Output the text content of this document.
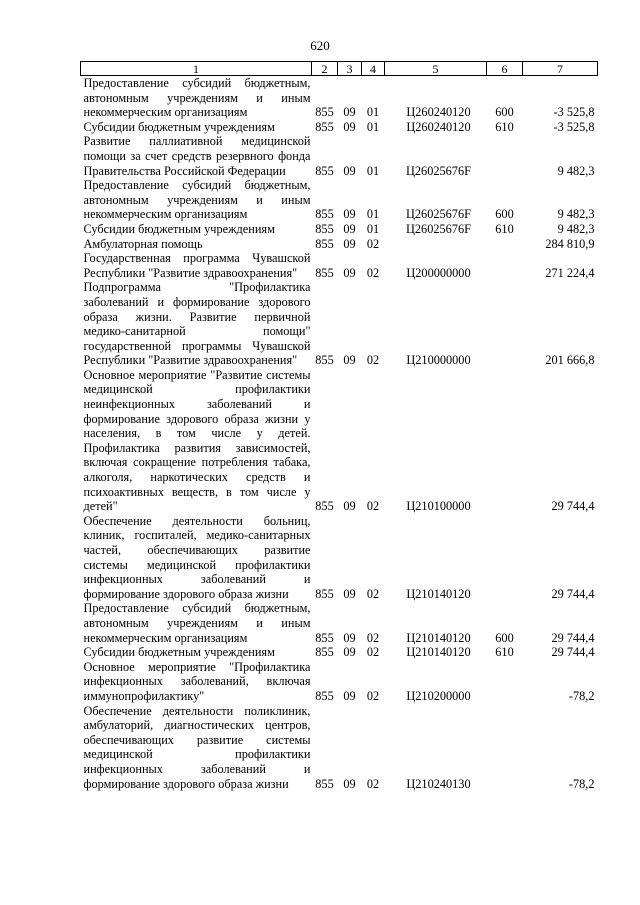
620
1	2	3	4	5	6	7
Предоставление субсидий бюджетным, автономным учреждениям и иным некоммерческим организациям	855	09	01	Ц260240120	600	-3 525,8
Субсидии бюджетным учреждениям	855	09	01	Ц260240120	610	-3 525,8
Развитие паллиативной медицинской помощи за счет средств резервного фонда Правительства Российской Федерации	855	09	01	Ц26025676F		9 482,3
Предоставление субсидий бюджетным, автономным учреждениям и иным некоммерческим организациям	855	09	01	Ц26025676F	600	9 482,3
Субсидии бюджетным учреждениям	855	09	01	Ц26025676F	610	9 482,3
Амбулаторная помощь	855	09	02			284 810,9
Государственная программа Чувашской Республики "Развитие здравоохранения"	855	09	02	Ц200000000		271 224,4
Подпрограмма "Профилактика заболеваний и формирование здорового образа жизни. Развитие первичной медико-санитарной помощи" государственной программы Чувашской Республики "Развитие здравоохранения"	855	09	02	Ц210000000		201 666,8
Основное мероприятие "Развитие системы медицинской профилактики неинфекционных заболеваний и формирование здорового образа жизни у населения, в том числе у детей. Профилактика развития зависимостей, включая сокращение потребления табака, алкоголя, наркотических средств и психоактивных веществ, в том числе у детей"	855	09	02	Ц210100000		29 744,4
Обеспечение деятельности больниц, клиник, госпиталей, медико-санитарных частей, обеспечивающих развитие системы медицинской профилактики инфекционных заболеваний и формирование здорового образа жизни	855	09	02	Ц210140120		29 744,4
Предоставление субсидий бюджетным, автономным учреждениям и иным некоммерческим организациям	855	09	02	Ц210140120	600	29 744,4
Субсидии бюджетным учреждениям	855	09	02	Ц210140120	610	29 744,4
Основное мероприятие "Профилактика инфекционных заболеваний, включая иммунопрофилактику"	855	09	02	Ц210200000		-78,2
Обеспечение деятельности поликлиник, амбулаторий, диагностических центров, обеспечивающих развитие системы медицинской профилактики инфекционных заболеваний и формирование здорового образа жизни	855	09	02	Ц210240130		-78,2
